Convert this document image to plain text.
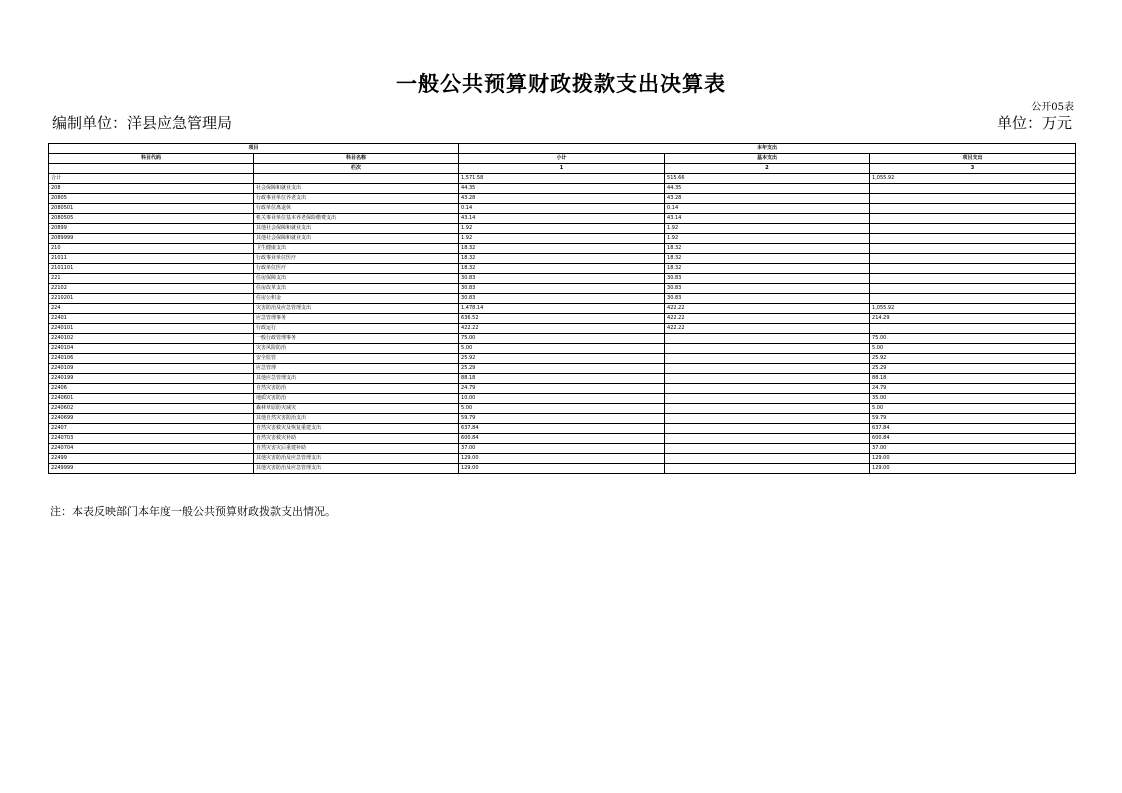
一般公共预算财政拨款支出决算表
公开05表
编制单位：洋县应急管理局	单位：万元
项目		本年支出		
科目代码	科目名称	小计	基本支出	项目支出
	栏次	1	2	3
合计		1,571.58	515.66	1,055.92
208	社会保障和就业支出	44.35	44.35	
20805	行政事业单位养老支出	43.28	43.28	
2080501	行政单位离退休	0.14	0.14	
2080505	机关事业单位基本养老保险缴费支出	43.14	43.14	
20899	其他社会保障和就业支出	1.92	1.92	
2089999	其他社会保障和就业支出	1.92	1.92	
210	卫生健康支出	18.32	18.32	
21011	行政事业单位医疗	18.32	18.32	
2101101	行政单位医疗	18.32	18.32	
221	住房保障支出	30.83	30.83	
22102	住房改革支出	30.83	30.83	
2210201	住房公积金	30.83	30.83	
224	灾害防治及应急管理支出	1,478.14	422.22	1,055.92
22401	应急管理事务	636.52	422.22	214.29
2240101	行政运行	422.22	422.22	
2240102	一般行政管理事务	75.00		75.00
2240104	灾害风险防治	5.00		5.00
2240106	安全监管	25.92		25.92
2240109	应急管理	25.29		25.29
2240199	其他应急管理支出	88.18		88.18
22406	自然灾害防治	24.79		24.79
2240601	地质灾害防治	10.00		35.00
2240602	森林草原防灾减灾	5.00		5.00
2240699	其他自然灾害防治支出	59.79		59.79
22407	自然灾害救灾及恢复重建支出	637.84		637.84
2240703	自然灾害救灾补助	600.84		600.84
2240704	自然灾害灾后重建补助	37.00		37.00
22499	其他灾害防治及应急管理支出	129.00		129.00
2249999	其他灾害防治及应急管理支出	129.00		129.00
注：本表反映部门本年度一般公共预算财政拨款支出情况。
